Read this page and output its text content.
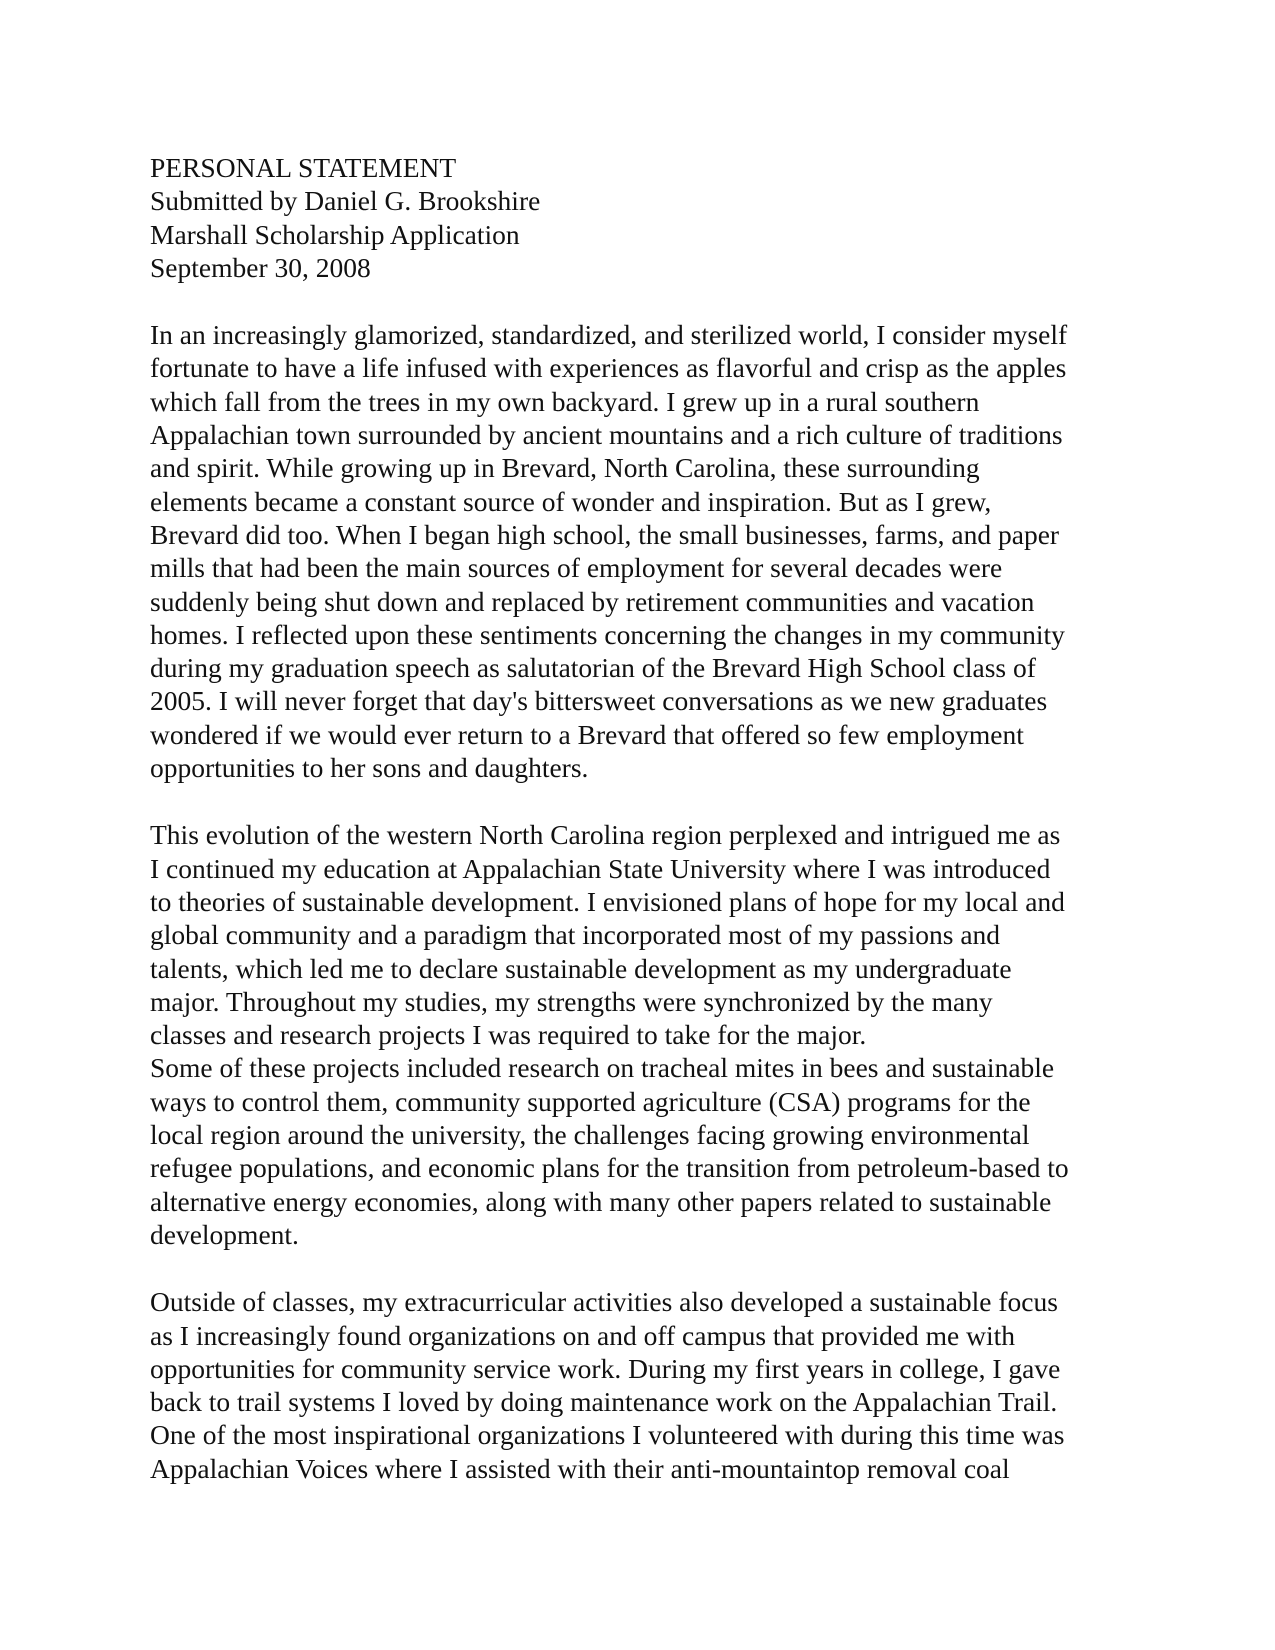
PERSONAL STATEMENT
Submitted by Daniel G. Brookshire
Marshall Scholarship Application
September 30, 2008
In an increasingly glamorized, standardized, and sterilized world, I consider myself
fortunate to have a life infused with experiences as flavorful and crisp as the apples
which fall from the trees in my own backyard. I grew up in a rural southern
Appalachian town surrounded by ancient mountains and a rich culture of traditions
and spirit. While growing up in Brevard, North Carolina, these surrounding
elements became a constant source of wonder and inspiration. But as I grew,
Brevard did too. When I began high school, the small businesses, farms, and paper
mills that had been the main sources of employment for several decades were
suddenly being shut down and replaced by retirement communities and vacation
homes. I reflected upon these sentiments concerning the changes in my community
during my graduation speech as salutatorian of the Brevard High School class of
2005. I will never forget that day's bittersweet conversations as we new graduates
wondered if we would ever return to a Brevard that offered so few employment
opportunities to her sons and daughters.
This evolution of the western North Carolina region perplexed and intrigued me as
I continued my education at Appalachian State University where I was introduced
to theories of sustainable development. I envisioned plans of hope for my local and
global community and a paradigm that incorporated most of my passions and
talents, which led me to declare sustainable development as my undergraduate
major. Throughout my studies, my strengths were synchronized by the many
classes and research projects I was required to take for the major.
Some of these projects included research on tracheal mites in bees and sustainable
ways to control them, community supported agriculture (CSA) programs for the
local region around the university, the challenges facing growing environmental
refugee populations, and economic plans for the transition from petroleum-based to
alternative energy economies, along with many other papers related to sustainable
development.
Outside of classes, my extracurricular activities also developed a sustainable focus
as I increasingly found organizations on and off campus that provided me with
opportunities for community service work. During my first years in college, I gave
back to trail systems I loved by doing maintenance work on the Appalachian Trail.
One of the most inspirational organizations I volunteered with during this time was
Appalachian Voices where I assisted with their anti-mountaintop removal coal
